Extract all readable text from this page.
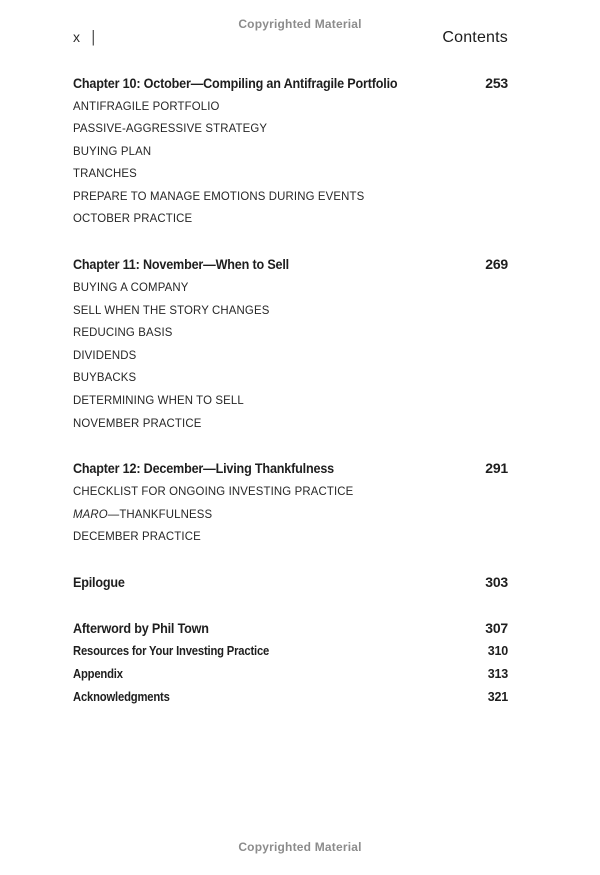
Copyrighted Material
x |	Contents
Chapter 10: October—Compiling an Antifragile Portfolio	253
ANTIFRAGILE PORTFOLIO
PASSIVE-AGGRESSIVE STRATEGY
BUYING PLAN
TRANCHES
PREPARE TO MANAGE EMOTIONS DURING EVENTS
OCTOBER PRACTICE
Chapter 11: November—When to Sell	269
BUYING A COMPANY
SELL WHEN THE STORY CHANGES
REDUCING BASIS
DIVIDENDS
BUYBACKS
DETERMINING WHEN TO SELL
NOVEMBER PRACTICE
Chapter 12: December—Living Thankfulness	291
CHECKLIST FOR ONGOING INVESTING PRACTICE
MARO—THANKFULNESS
DECEMBER PRACTICE
Epilogue	303
Afterword by Phil Town	307
Resources for Your Investing Practice	310
Appendix	313
Acknowledgments	321
Copyrighted Material
